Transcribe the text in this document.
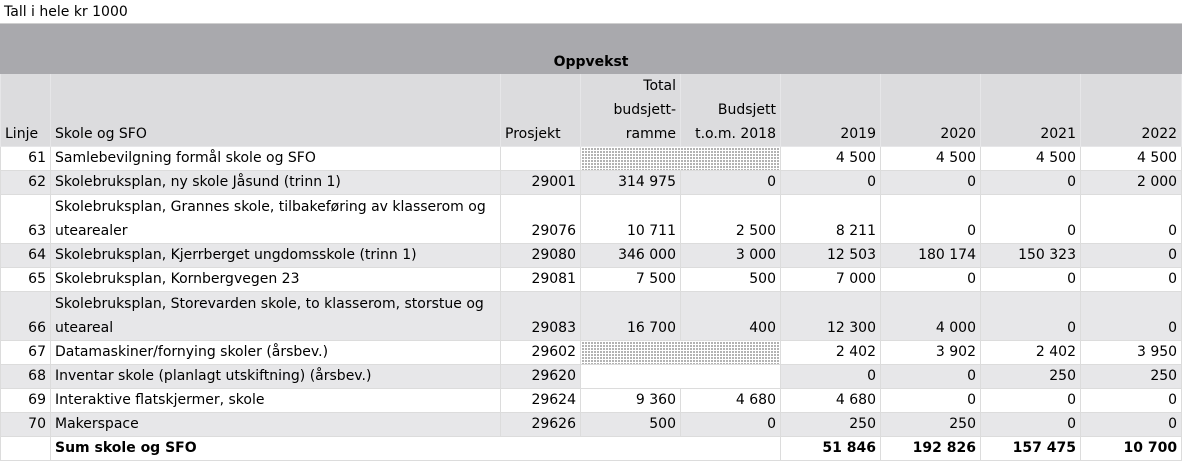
Tall i hele kr 1000
Oppvekst								
Linje	Skole og SFO	Prosjekt	Total budsjett-ramme	Budsjett t.o.m. 2018	2019	2020	2021	2022
61	Samlebevilgning formål skole og SFO				4 500	4 500	4 500	4 500
62	Skolebruksplan, ny skole Jåsund (trinn 1)	29001	314 975	0	0	0	0	2 000
63	Skolebruksplan, Grannes skole, tilbakeføring av klasserom og utearealer	29076	10 711	2 500	8 211	0	0	0
64	Skolebruksplan, Kjerrberget ungdomsskole (trinn 1)	29080	346 000	3 000	12 503	180 174	150 323	0
65	Skolebruksplan, Kornbergvegen 23	29081	7 500	500	7 000	0	0	0
66	Skolebruksplan, Storevarden skole, to klasserom, storstue og uteareal	29083	16 700	400	12 300	4 000	0	0
67	Datamaskiner/fornying skoler (årsbev.)	29602			2 402	3 902	2 402	3 950
68	Inventar skole (planlagt utskiftning) (årsbev.)	29620			0	0	250	250
69	Interaktive flatskjermer, skole	29624	9 360	4 680	4 680	0	0	0
70	Makerspace	29626	500	0	250	250	0	0
	Sum skole og SFO				51 846	192 826	157 475	10 700
